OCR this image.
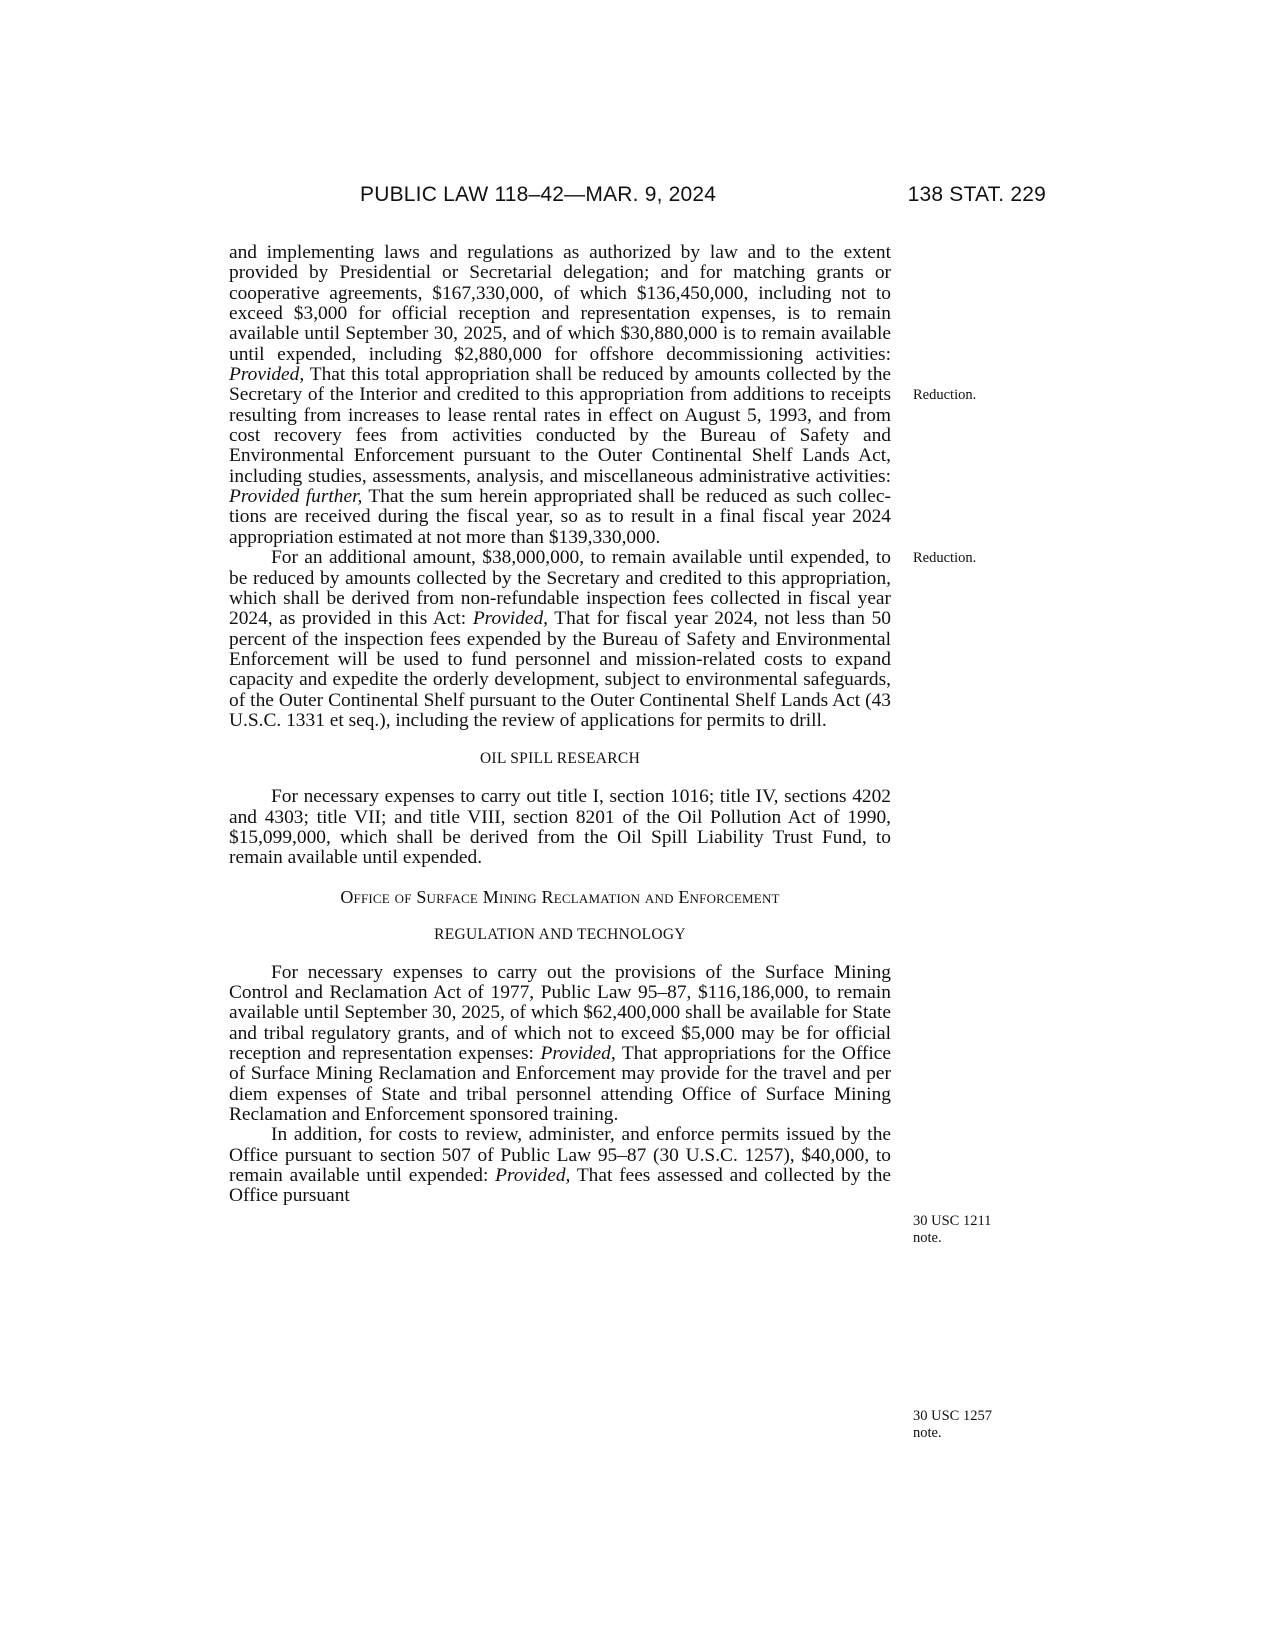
PUBLIC LAW 118–42—MAR. 9, 2024	138 STAT. 229

and implementing laws and regulations as authorized by law and to the extent provided by Presidential or Secretarial delegation; and for matching grants or cooperative agreements, $167,330,000, of which $136,450,000, including not to exceed $3,000 for official reception and representation expenses, is to remain available until September 30, 2025, and of which $30,880,000 is to remain available until expended, including $2,880,000 for offshore decommissioning activities: Provided, That this total appropriation shall be reduced by amounts collected by the Secretary of the Interior and credited to this appropriation from additions to receipts resulting from increases to lease rental rates in effect on August 5, 1993, and from cost recovery fees from activities conducted by the Bureau of Safety and Environmental Enforcement pursuant to the Outer Continental Shelf Lands Act, including studies, assessments, analysis, and miscellaneous administrative activities: Provided further, That the sum herein appropriated shall be reduced as such collections are received during the fiscal year, so as to result in a final fiscal year 2024 appropriation estimated at not more than $139,330,000.

For an additional amount, $38,000,000, to remain available until expended, to be reduced by amounts collected by the Secretary and credited to this appropriation, which shall be derived from non-refundable inspection fees collected in fiscal year 2024, as provided in this Act: Provided, That for fiscal year 2024, not less than 50 percent of the inspection fees expended by the Bureau of Safety and Environmental Enforcement will be used to fund personnel and mission-related costs to expand capacity and expedite the orderly development, subject to environmental safeguards, of the Outer Continental Shelf pursuant to the Outer Continental Shelf Lands Act (43 U.S.C. 1331 et seq.), including the review of applications for permits to drill.

OIL SPILL RESEARCH

For necessary expenses to carry out title I, section 1016; title IV, sections 4202 and 4303; title VII; and title VIII, section 8201 of the Oil Pollution Act of 1990, $15,099,000, which shall be derived from the Oil Spill Liability Trust Fund, to remain available until expended.

Office of Surface Mining Reclamation and Enforcement
REGULATION AND TECHNOLOGY

For necessary expenses to carry out the provisions of the Surface Mining Control and Reclamation Act of 1977, Public Law 95–87, $116,186,000, to remain available until September 30, 2025, of which $62,400,000 shall be available for State and tribal regulatory grants, and of which not to exceed $5,000 may be for official reception and representation expenses: Provided, That appropriations for the Office of Surface Mining Reclamation and Enforcement may provide for the travel and per diem expenses of State and tribal personnel attending Office of Surface Mining Reclamation and Enforcement sponsored training.

In addition, for costs to review, administer, and enforce permits issued by the Office pursuant to section 507 of Public Law 95–87 (30 U.S.C. 1257), $40,000, to remain available until expended: Provided, That fees assessed and collected by the Office pursuant

Reduction.
Reduction.
30 USC 1211
note.
30 USC 1257
note.
